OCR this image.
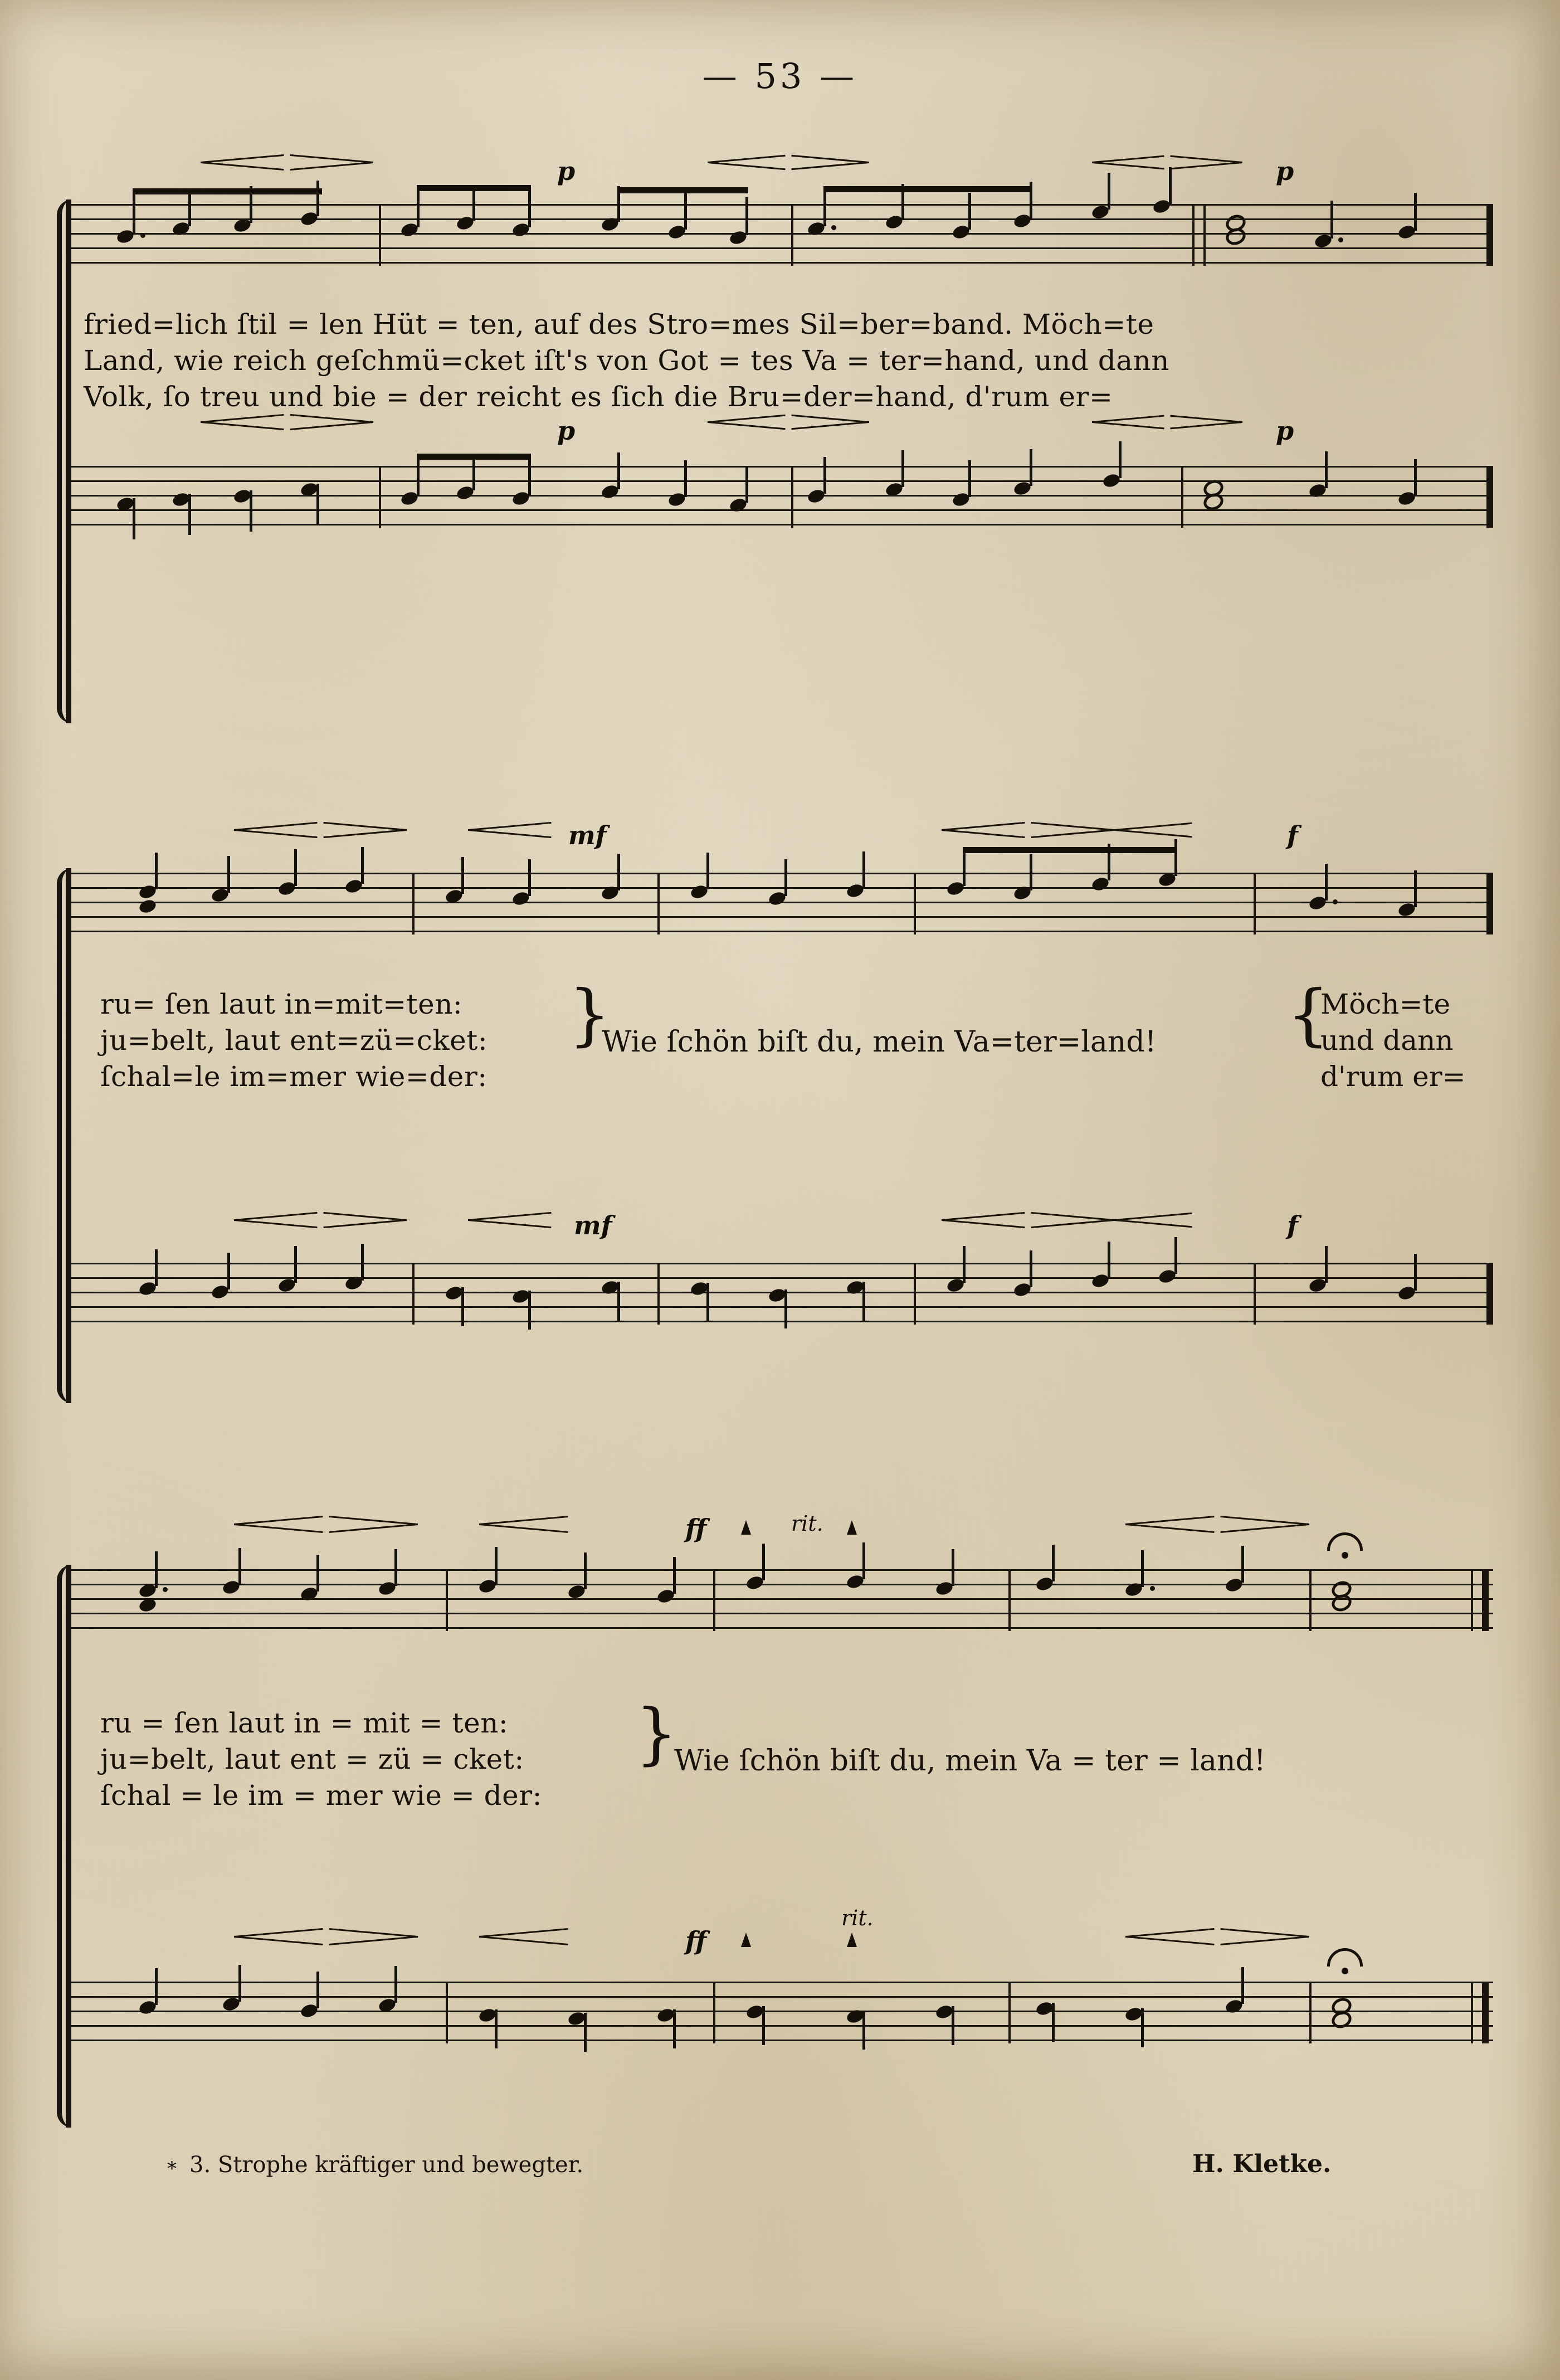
— 53 —
p	p
fried=lich ſtil = len Hüt = ten, auf des Stro=mes Sil=ber=band. Möch=te
Land, wie reich geſchmü=cket iſt's von Got = tes Va = ter=hand, und dann
Volk, ſo treu und bie = der reicht es ſich die Bru=der=hand, d'rum er=
p	p
mf	f
ru= ſen laut in=mit=ten:
ju=belt, laut ent=zü=cket:
ſchal=le im=mer wie=der:
}
Wie ſchön biſt du, mein Va=ter=land! {
Möch=te
und dann
d'rum er=
mf	f
ff	rit.
ru = ſen laut in = mit = ten:
ju=belt, laut ent = zü = cket:
ſchal = le im = mer wie = der:
}
Wie ſchön biſt du, mein Va = ter = land!
ff
rit.
* 3. Strophe kräftiger und bewegter.	H. Kletke.
